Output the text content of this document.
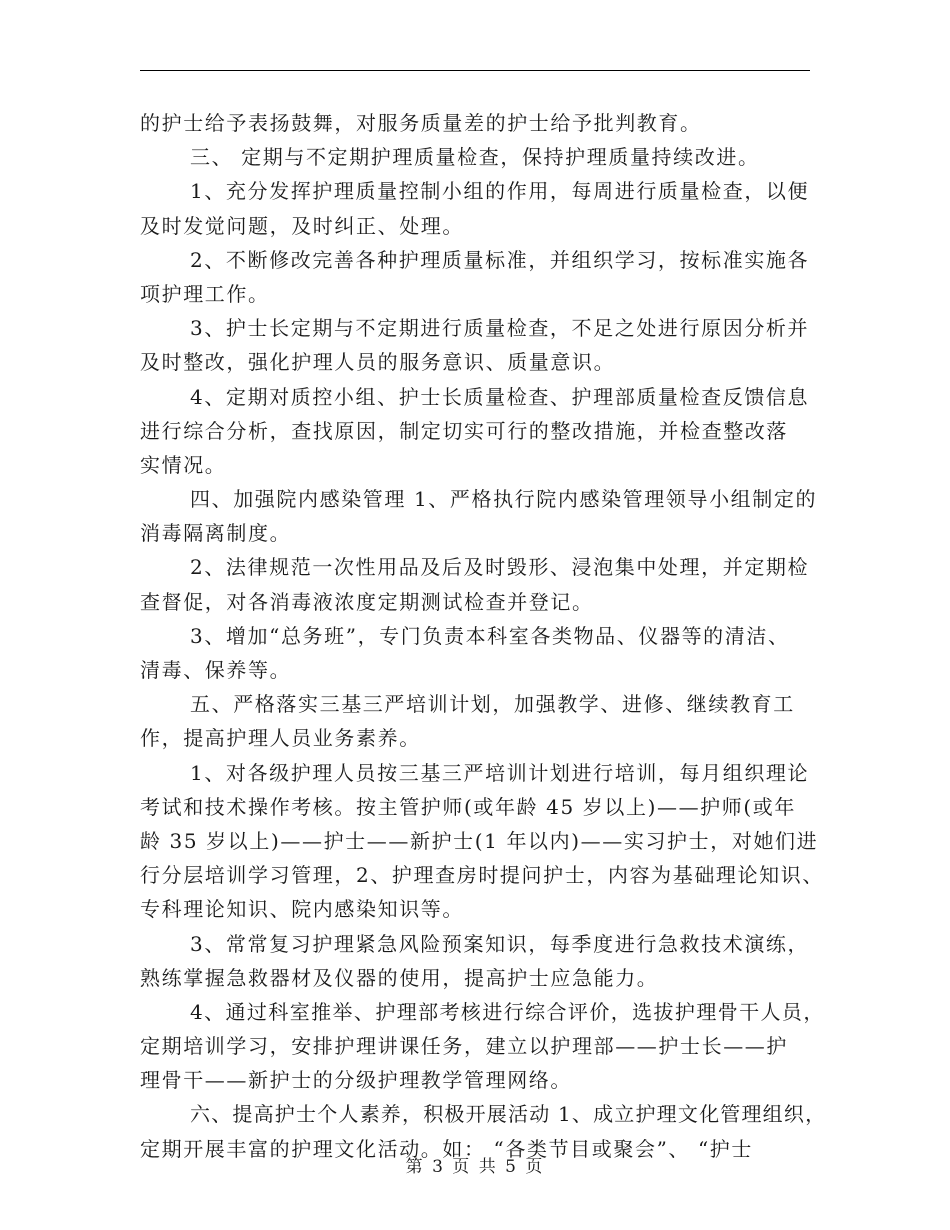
的护士给予表扬鼓舞，对服务质量差的护士给予批判教育。
三、 定期与不定期护理质量检查，保持护理质量持续改进。
1、充分发挥护理质量控制小组的作用，每周进行质量检查，以便
及时发觉问题，及时纠正、处理。
2、不断修改完善各种护理质量标准，并组织学习，按标准实施各
项护理工作。
3、护士长定期与不定期进行质量检查，不足之处进行原因分析并
及时整改，强化护理人员的服务意识、质量意识。
4、定期对质控小组、护士长质量检查、护理部质量检查反馈信息
进行综合分析，查找原因，制定切实可行的整改措施，并检查整改落
实情况。
四、加强院内感染管理 1、严格执行院内感染管理领导小组制定的
消毒隔离制度。
2、法律规范一次性用品及后及时毁形、浸泡集中处理，并定期检
查督促，对各消毒液浓度定期测试检查并登记。
3、增加“总务班”，专门负责本科室各类物品、仪器等的清洁、
清毒、保养等。
五、严格落实三基三严培训计划，加强教学、进修、继续教育工
作，提高护理人员业务素养。
1、对各级护理人员按三基三严培训计划进行培训，每月组织理论
考试和技术操作考核。按主管护师(或年龄 45 岁以上)——护师(或年
龄 35 岁以上)——护士——新护士(1 年以内)——实习护士，对她们进
行分层培训学习管理，2、护理查房时提问护士，内容为基础理论知识、
专科理论知识、院内感染知识等。
3、常常复习护理紧急风险预案知识，每季度进行急救技术演练，
熟练掌握急救器材及仪器的使用，提高护士应急能力。
4、通过科室推举、护理部考核进行综合评价，选拔护理骨干人员，
定期培训学习，安排护理讲课任务，建立以护理部——护士长——护
理骨干——新护士的分级护理教学管理网络。
六、提高护士个人素养，积极开展活动 1、成立护理文化管理组织，
定期开展丰富的护理文化活动。如： “各类节目或聚会”、 “护士
第 3 页 共 5 页
